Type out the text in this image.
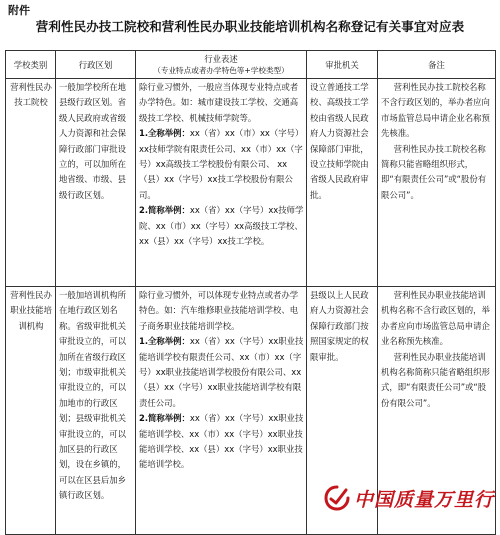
附件
营利性民办技工院校和营利性民办职业技能培训机构名称登记有关事宜对应表
学校类别	行政区划	行业表述
（专业特点或者办学特色等+学校类型）	审批机关	备注
营利性民办技工院校	一般加学校所在地县级行政区划。省级人民政府或省级人力资源和社会保障行政部门审批设立的，可以加所在地省级、市级、县级行政区划。	除行业习惯外，一般应当体现专业特点或者办学特色。如：城市建设技工学校、交通高级技工学校、机械技师学院等。
1.全称举例：xx（省）xx（市）xx（字号）xx技师学院有限责任公司、xx（市）xx（字号）xx高级技工学校股份有限公司、 xx（县）xx（字号）xx技工学校股份有限公司。
2.简称举例：xx（省）xx（字号）xx技师学院、xx（市）xx（字号）xx高级技工学校、xx（县）xx（字号）xx技工学校。	设立普通技工学校、高级技工学校由省级人民政府人力资源社会保障部门审批，设立技师学院由省级人民政府审批。	营利性民办技工院校名称不含行政区划的，举办者应向市场监管总局申请企业名称预先核准。
营利性民办技工院校名称简称只能省略组织形式，即“有限责任公司”或“股份有限公司”。

营利性民办职业技能培训机构	一般加培训机构所在地行政区划名称。省级审批机关审批设立的，可以加所在省级行政区划；市级审批机关审批设立的，可以加地市的行政区划；县级审批机关审批设立的，可以加区县的行政区划，设在乡镇的，可以在区县后加乡镇行政区划。	除行业习惯外，可以体现专业特点或者办学特色。如：汽车维修职业技能培训学校、电子商务职业技能培训学校。
1.全称举例：xx（省）xx（字号）xx职业技能培训学校有限责任公司、xx（市）xx（字号）xx职业技能培训学校股份有限公司、xx（县）xx（字号）xx职业技能培训学校有限责任公司。
2.简称举例：xx（省）xx（字号）xx职业技能培训学校、xx（市）xx（字号）xx职业技能培训学校、xx（县）xx（字号）xx职业技能培训学校。	县级以上人民政府人力资源社会保障行政部门按照国家规定的权限审批。	营利性民办职业技能培训机构名称不含行政区划的，举办者应向市场监管总局申请企业名称预先核准。
营利性民办职业技能培训机构名称简称只能省略组织形式，即“有限责任公司”或“股份有限公司”。
中国质量万里行
